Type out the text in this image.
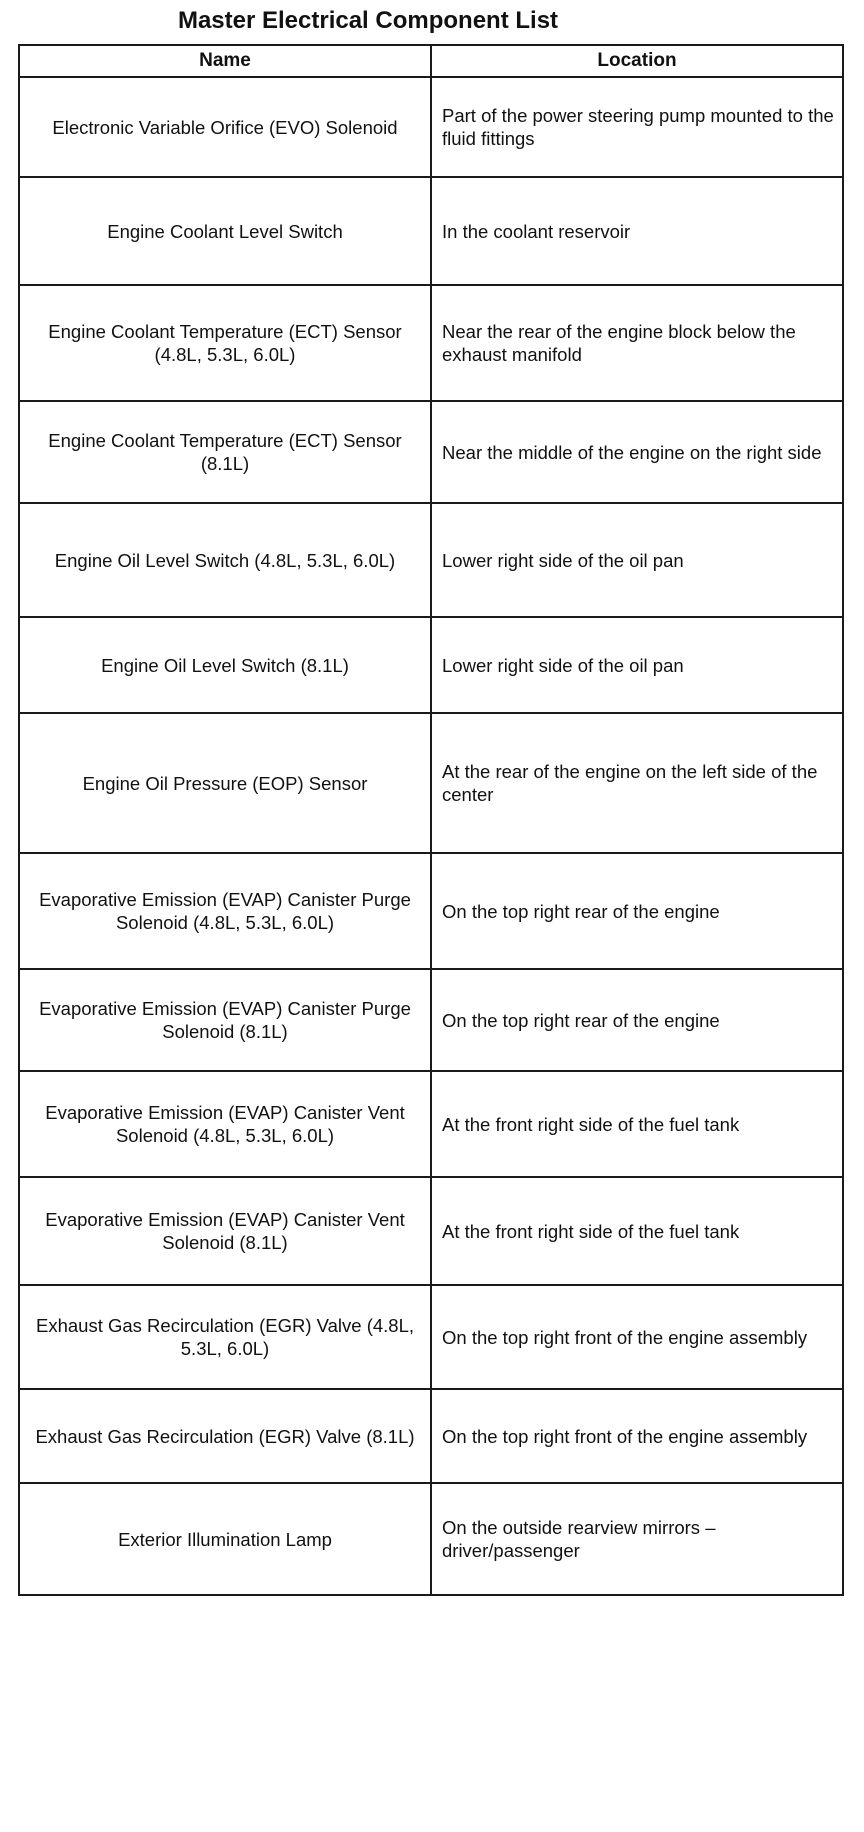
Master Electrical Component List
Name	Location
Electronic Variable Orifice (EVO) Solenoid	Part of the power steering pump mounted to the fluid fittings
Engine Coolant Level Switch	In the coolant reservoir
Engine Coolant Temperature (ECT) Sensor (4.8L, 5.3L, 6.0L)	Near the rear of the engine block below the exhaust manifold
Engine Coolant Temperature (ECT) Sensor (8.1L)	Near the middle of the engine on the right side
Engine Oil Level Switch (4.8L, 5.3L, 6.0L)	Lower right side of the oil pan
Engine Oil Level Switch (8.1L)	Lower right side of the oil pan
Engine Oil Pressure (EOP) Sensor	At the rear of the engine on the left side of the center
Evaporative Emission (EVAP) Canister Purge Solenoid (4.8L, 5.3L, 6.0L)	On the top right rear of the engine
Evaporative Emission (EVAP) Canister Purge Solenoid (8.1L)	On the top right rear of the engine
Evaporative Emission (EVAP) Canister Vent Solenoid (4.8L, 5.3L, 6.0L)	At the front right side of the fuel tank
Evaporative Emission (EVAP) Canister Vent Solenoid (8.1L)	At the front right side of the fuel tank
Exhaust Gas Recirculation (EGR) Valve (4.8L, 5.3L, 6.0L)	On the top right front of the engine assembly
Exhaust Gas Recirculation (EGR) Valve (8.1L)	On the top right front of the engine assembly
Exterior Illumination Lamp	On the outside rearview mirrors – driver/passenger
